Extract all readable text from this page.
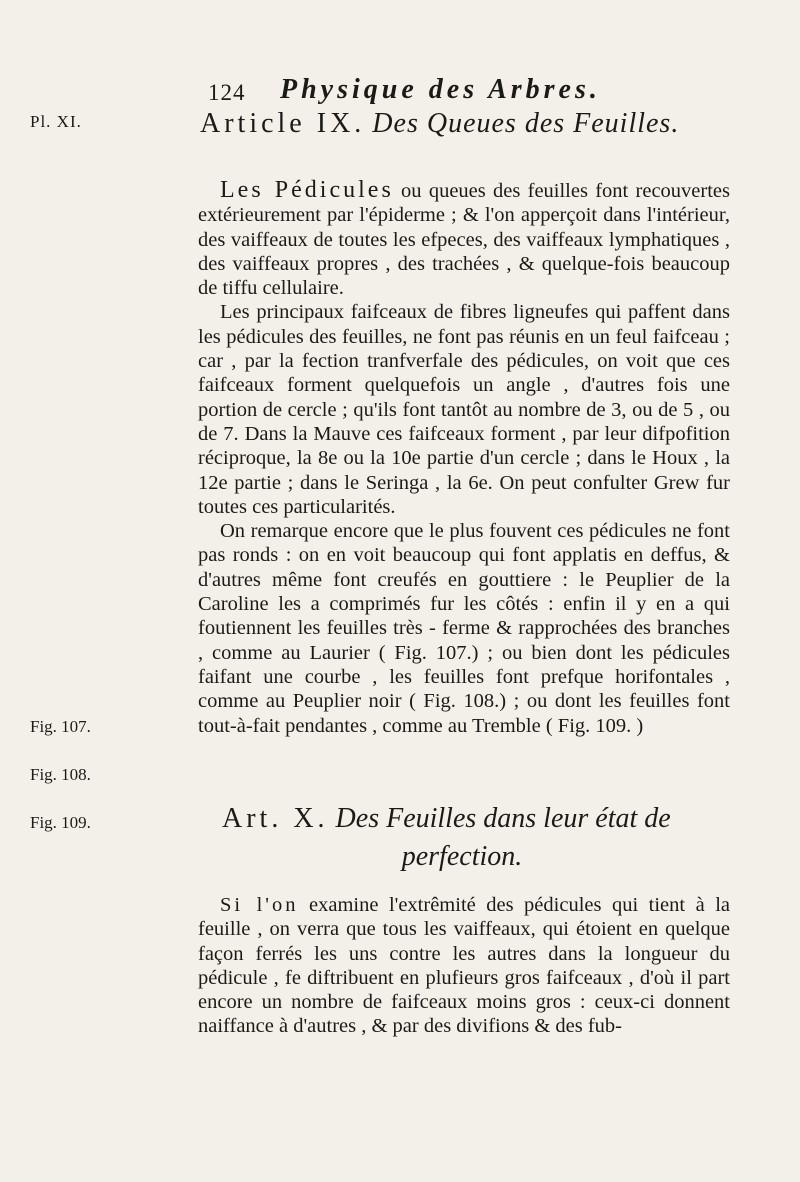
124 Physique des Arbres.
Pl. XI.	Article IX. Des Queues des Feuilles.

Les Pédicules ou queues des feuilles font recouvertes extérieurement par l'épiderme ; & l'on apperçoit dans l'intérieur, des vaiffeaux de toutes les efpeces, des vaiffeaux lymphatiques , des vaiffeaux propres , des trachées , & quelque-fois beaucoup de tiffu cellulaire.

Les principaux faifceaux de fibres ligneufes qui paffent dans les pédicules des feuilles, ne font pas réunis en un feul faifceau ; car , par la fection tranfverfale des pédicules, on voit que ces faifceaux forment quelquefois un angle , d'autres fois une portion de cercle ; qu'ils font tantôt au nombre de 3, ou de 5 , ou de 7. Dans la Mauve ces faifceaux forment , par leur difpofition réciproque, la 8e ou la 10e partie d'un cercle ; dans le Houx , la 12e partie ; dans le Seringa , la 6e. On peut confulter Grew fur toutes ces particularités.

On remarque encore que le plus fouvent ces pédicules ne font pas ronds : on en voit beaucoup qui font applatis en deffus, & d'autres même font creufés en gouttiere : le Peuplier de la Caroline les a comprimés fur les côtés : enfin il y en a qui foutiennent les feuilles très - ferme & rapprochées des branches , comme au Laurier ( Fig. 107.) ; ou bien dont les pédicules faifant une courbe , les feuilles font prefque horifontales , comme au Peuplier noir ( Fig. 108.) ; ou dont les feuilles font tout-à-fait pendantes , comme au Tremble ( Fig. 109. )

Fig. 107.
Fig. 108.
Fig. 109.	Art. X. Des Feuilles dans leur état de
perfection.

Si l'on examine l'extrêmité des pédicules qui tient à la feuille , on verra que tous les vaiffeaux, qui étoient en quelque façon ferrés les uns contre les autres dans la longueur du pédicule , fe diftribuent en plufieurs gros faifceaux , d'où il part encore un nombre de faifceaux moins gros : ceux-ci donnent naiffance à d'autres , & par des divifions & des fub-
